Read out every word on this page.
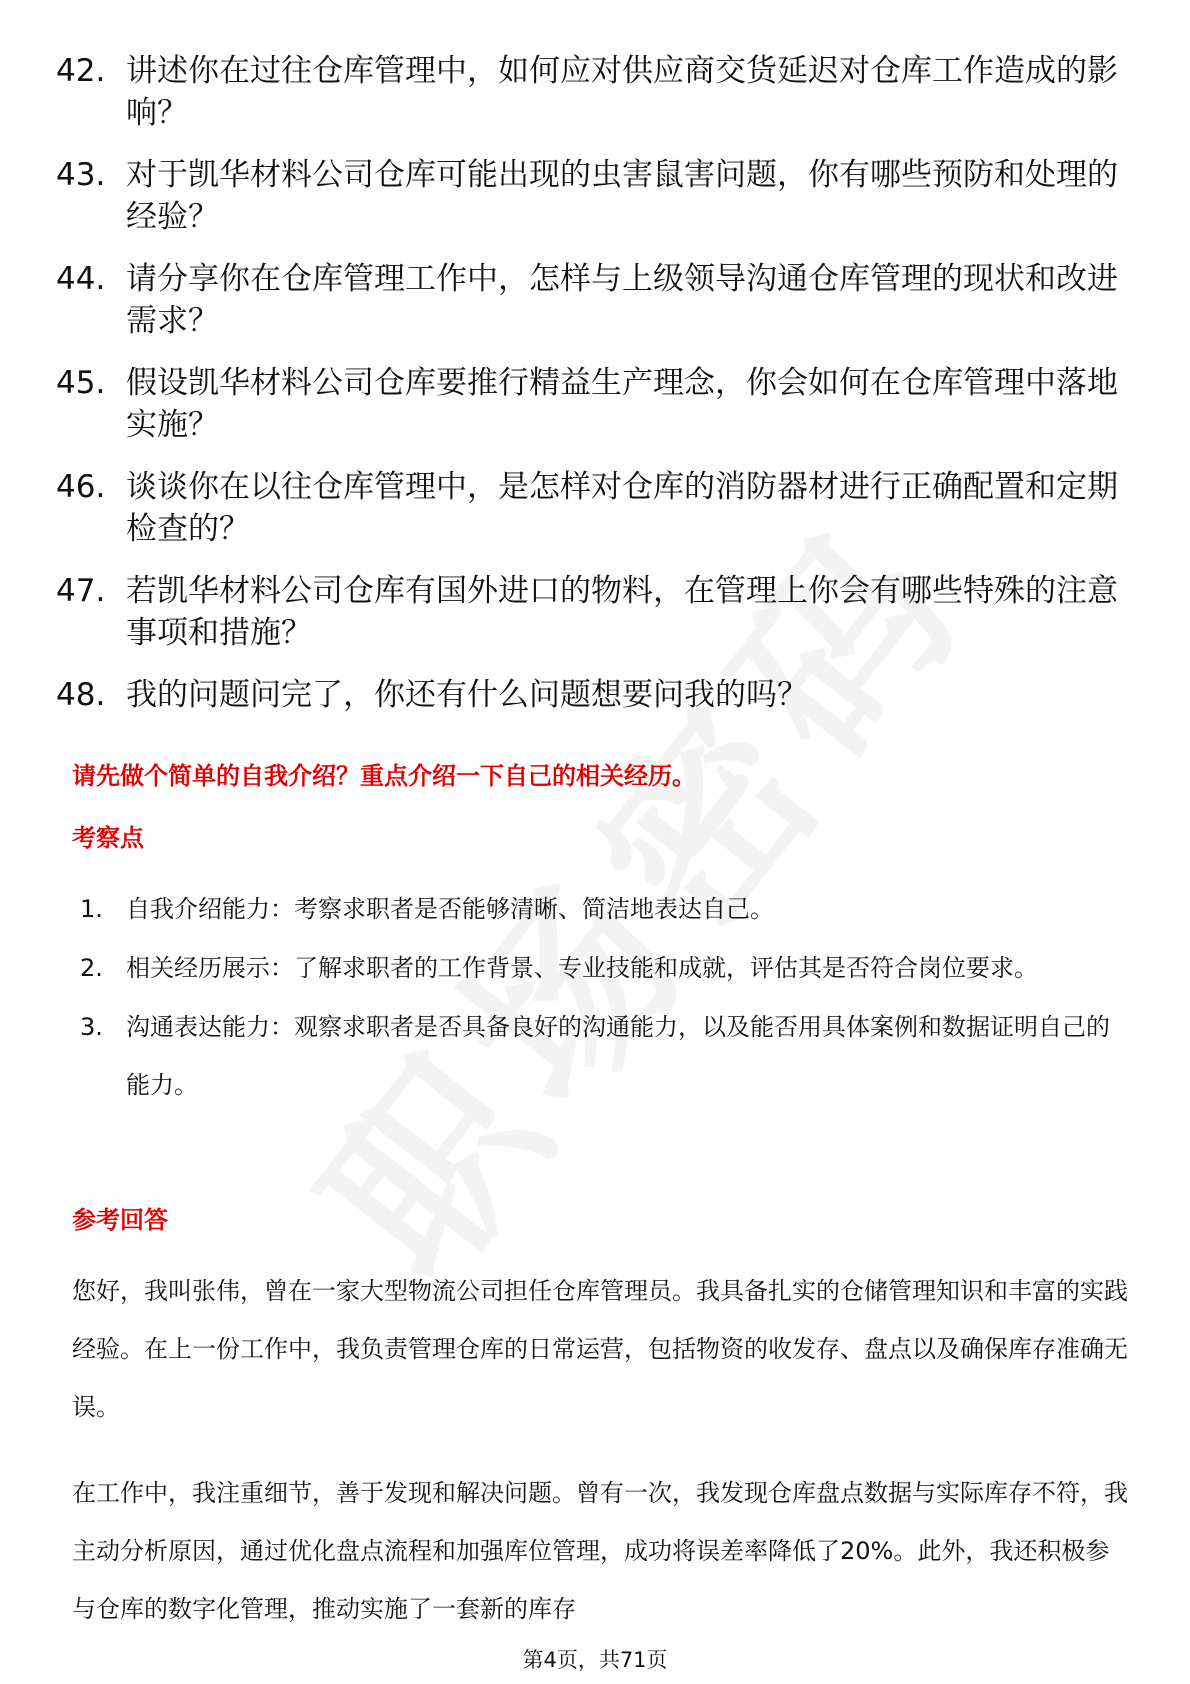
42. 讲述你在过往仓库管理中，如何应对供应商交货延迟对仓库工作造成的影响？
43. 对于凯华材料公司仓库可能出现的虫害鼠害问题，你有哪些预防和处理的经验？
44. 请分享你在仓库管理工作中，怎样与上级领导沟通仓库管理的现状和改进需求？
45. 假设凯华材料公司仓库要推行精益生产理念，你会如何在仓库管理中落地实施？
46. 谈谈你在以往仓库管理中，是怎样对仓库的消防器材进行正确配置和定期检查的？
47. 若凯华材料公司仓库有国外进口的物料，在管理上你会有哪些特殊的注意事项和措施？
48. 我的问题问完了，你还有什么问题想要问我的吗？
请先做个简单的自我介绍？重点介绍一下自己的相关经历。
考察点
1. 自我介绍能力：考察求职者是否能够清晰、简洁地表达自己。
2. 相关经历展示：了解求职者的工作背景、专业技能和成就，评估其是否符合岗位要求。
3. 沟通表达能力：观察求职者是否具备良好的沟通能力，以及能否用具体案例和数据证明自己的能力。
参考回答

您好，我叫张伟，曾在一家大型物流公司担任仓库管理员。我具备扎实的仓储管理知识和丰富的实践经验。在上一份工作中，我负责管理仓库的日常运营，包括物资的收发存、盘点以及确保库存准确无误。

在工作中，我注重细节，善于发现和解决问题。曾有一次，我发现仓库盘点数据与实际库存不符，我主动分析原因，通过优化盘点流程和加强库位管理，成功将误差率降低了20%。此外，我还积极参与仓库的数字化管理，推动实施了一套新的库存

第4页，共71页
